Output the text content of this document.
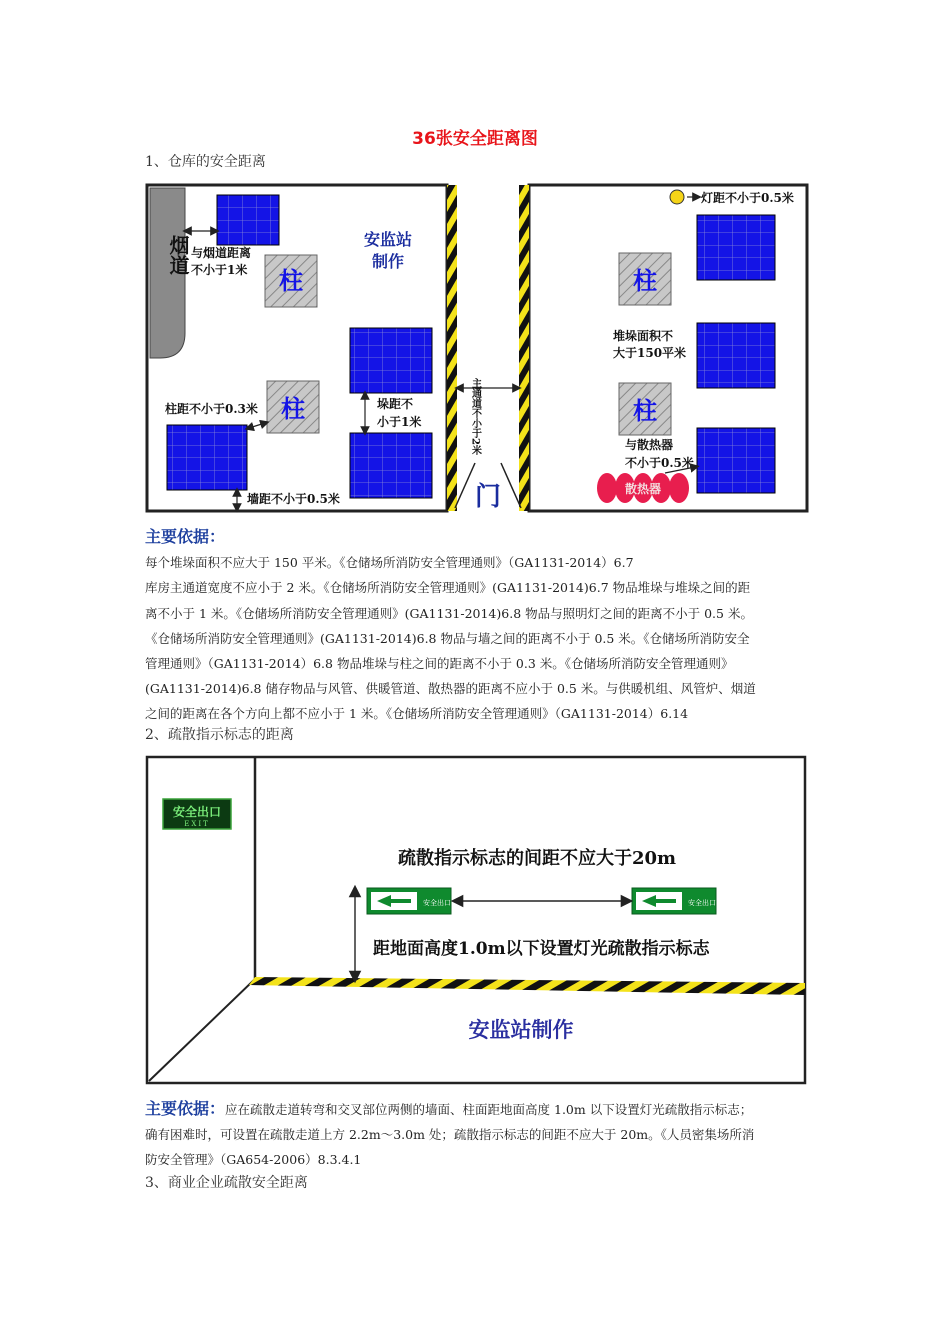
36张安全距离图
1、仓库的安全距离
烟道
柱
柱
安监站
制作
与烟道距离
不小于1米
柱距不小于0.3米	垛距不
小于1米
墙距不小于0.5米
主通道不小于2米
门
灯距不小于0.5米
柱
柱
堆垛面积不
大于150平米
与散热器
不小于0.5米
散热器

主要依据：

每个堆垛面积不应大于 150 平米。《仓储场所消防安全管理通则》（GA1131-2014）6.7

库房主通道宽度不应小于 2 米。《仓储场所消防安全管理通则》(GA1131-2014)6.7 物品堆垛与堆垛之间的距

离不小于 1 米。《仓储场所消防安全管理通则》(GA1131-2014)6.8 物品与照明灯之间的距离不小于 0.5 米。

《仓储场所消防安全管理通则》(GA1131-2014)6.8 物品与墙之间的距离不小于 0.5 米。《仓储场所消防安全

管理通则》（GA1131-2014）6.8 物品堆垛与柱之间的距离不小于 0.3 米。《仓储场所消防安全管理通则》

(GA1131-2014)6.8 储存物品与风管、供暖管道、散热器的距离不应小于 0.5 米。与供暖机组、风管炉、烟道

之间的距离在各个方向上都不应小于 1 米。《仓储场所消防安全管理通则》（GA1131-2014）6.14

2、疏散指示标志的距离
安全出口
EXIT
疏散指示标志的间距不应大于20m
安全出口	安全出口
距地面高度1.0m以下设置灯光疏散指示标志
安监站制作

主要依据：应在疏散走道转弯和交叉部位两侧的墙面、柱面距地面高度 1.0m 以下设置灯光疏散指示标志；

确有困难时，可设置在疏散走道上方 2.2m～3.0m 处；疏散指示标志的间距不应大于 20m。《人员密集场所消

防安全管理》（GA654-2006）8.3.4.1

3、商业企业疏散安全距离
